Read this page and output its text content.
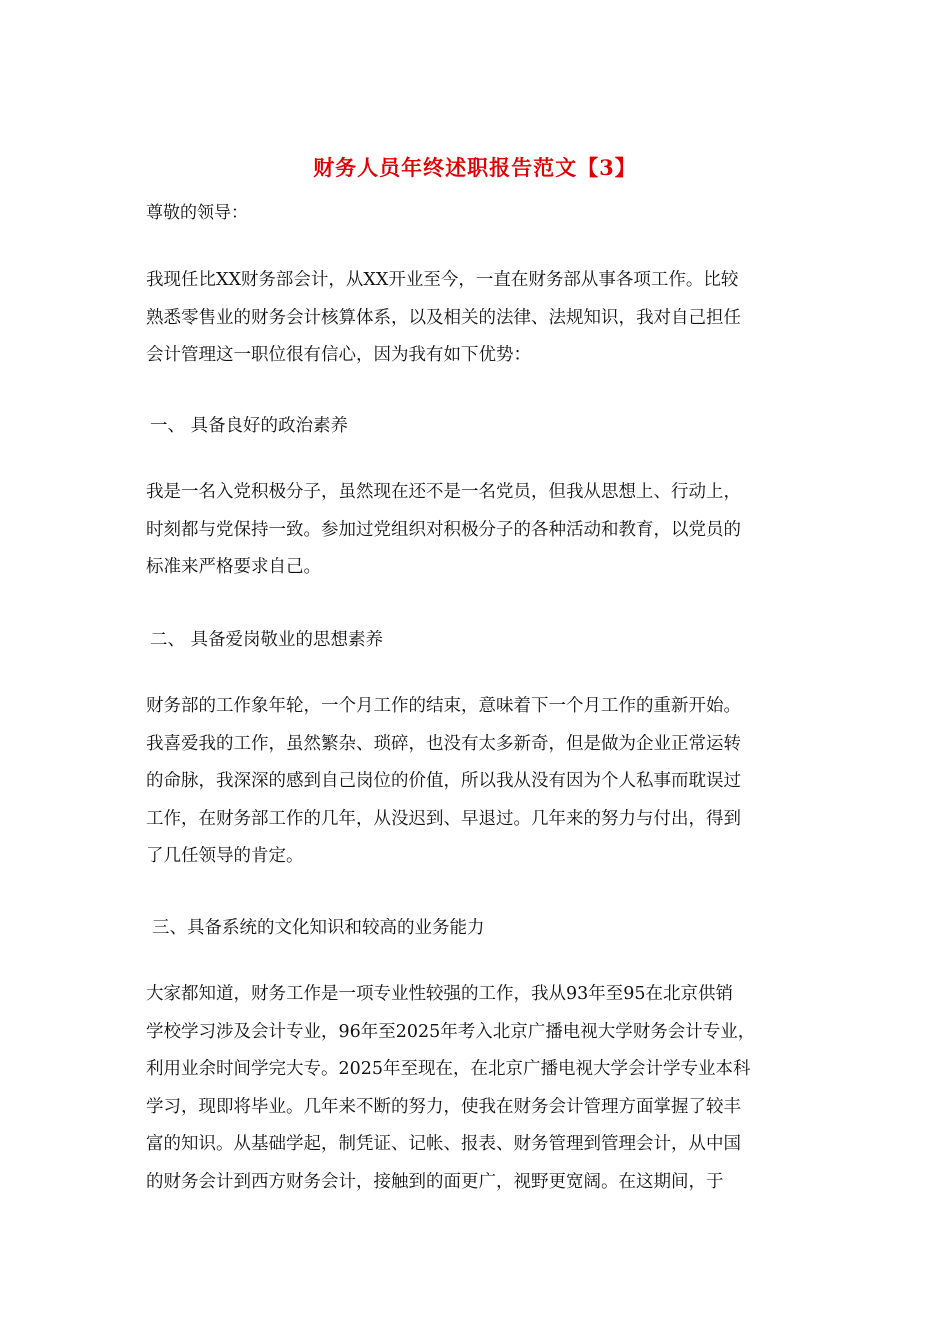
财务人员年终述职报告范文【3】
尊敬的领导：
我现任比XX财务部会计，从XX开业至今，一直在财务部从事各项工作。比较
熟悉零售业的财务会计核算体系，以及相关的法律、法规知识，我对自己担任
会计管理这一职位很有信心，因为我有如下优势：
一、 具备良好的政治素养
我是一名入党积极分子，虽然现在还不是一名党员，但我从思想上、行动上，
时刻都与党保持一致。参加过党组织对积极分子的各种活动和教育，以党员的
标准来严格要求自己。
二、 具备爱岗敬业的思想素养
财务部的工作象年轮，一个月工作的结束，意味着下一个月工作的重新开始。
我喜爱我的工作，虽然繁杂、琐碎，也没有太多新奇，但是做为企业正常运转
的命脉，我深深的感到自己岗位的价值，所以我从没有因为个人私事而耽误过
工作，在财务部工作的几年，从没迟到、早退过。几年来的努力与付出，得到
了几任领导的肯定。
三、具备系统的文化知识和较高的业务能力
大家都知道，财务工作是一项专业性较强的工作，我从93年至95在北京供销
学校学习涉及会计专业，96年至2025年考入北京广播电视大学财务会计专业，
利用业余时间学完大专。2025年至现在，在北京广播电视大学会计学专业本科
学习，现即将毕业。几年来不断的努力，使我在财务会计管理方面掌握了较丰
富的知识。从基础学起，制凭证、记帐、报表、财务管理到管理会计，从中国
的财务会计到西方财务会计，接触到的面更广，视野更宽阔。在这期间，于
